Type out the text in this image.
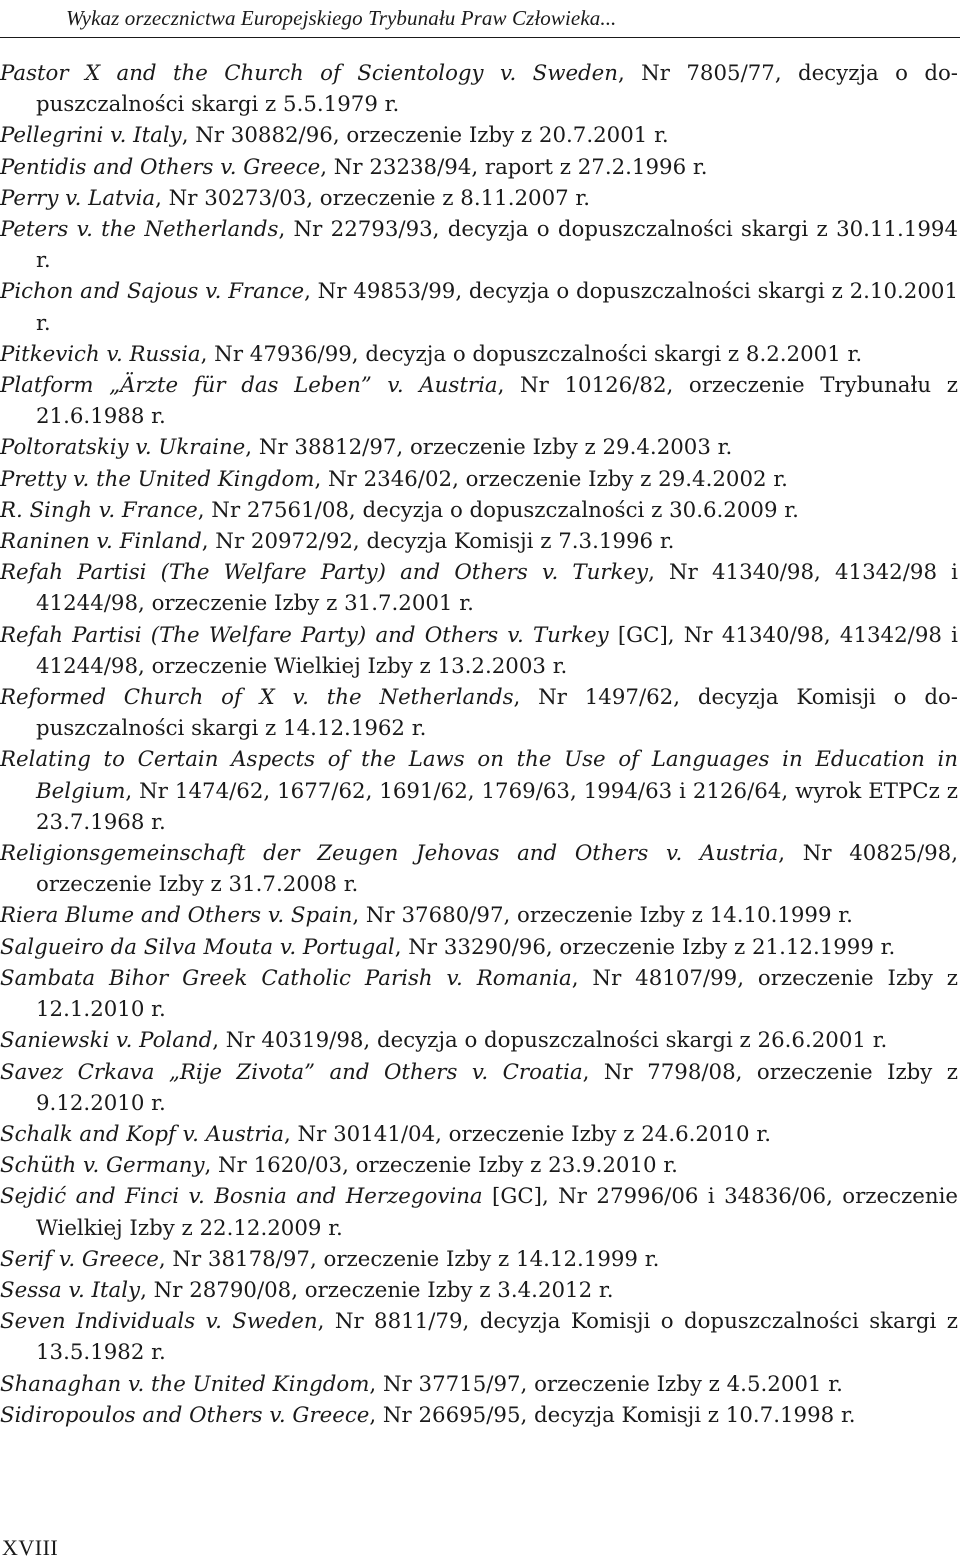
Wykaz orzecznictwa Europejskiego Trybunału Praw Człowieka...
Pastor X and the Church of Scientology v. Sweden, Nr 7805/77, decyzja o dopuszczalności skargi z 5.5.1979 r.
Pellegrini v. Italy, Nr 30882/96, orzeczenie Izby z 20.7.2001 r.
Pentidis and Others v. Greece, Nr 23238/94, raport z 27.2.1996 r.
Perry v. Latvia, Nr 30273/03, orzeczenie z 8.11.2007 r.
Peters v. the Netherlands, Nr 22793/93, decyzja o dopuszczalności skargi z 30.11.1994 r.
Pichon and Sajous v. France, Nr 49853/99, decyzja o dopuszczalności skargi z 2.10.2001 r.
Pitkevich v. Russia, Nr 47936/99, decyzja o dopuszczalności skargi z 8.2.2001 r.
Platform „Ärzte für das Leben” v. Austria, Nr 10126/82, orzeczenie Trybunału z 21.6.1988 r.
Poltoratskiy v. Ukraine, Nr 38812/97, orzeczenie Izby z 29.4.2003 r.
Pretty v. the United Kingdom, Nr 2346/02, orzeczenie Izby z 29.4.2002 r.
R. Singh v. France, Nr 27561/08, decyzja o dopuszczalności z 30.6.2009 r.
Raninen v. Finland, Nr 20972/92, decyzja Komisji z 7.3.1996 r.
Refah Partisi (The Welfare Party) and Others v. Turkey, Nr 41340/98, 41342/98 i 41244/98, orzeczenie Izby z 31.7.2001 r.
Refah Partisi (The Welfare Party) and Others v. Turkey [GC], Nr 41340/98, 41342/98 i 41244/98, orzeczenie Wielkiej Izby z 13.2.2003 r.
Reformed Church of X v. the Netherlands, Nr 1497/62, decyzja Komisji o dopuszczalności skargi z 14.12.1962 r.
Relating to Certain Aspects of the Laws on the Use of Languages in Education in Belgium, Nr 1474/62, 1677/62, 1691/62, 1769/63, 1994/63 i 2126/64, wyrok ETPCz z 23.7.1968 r.
Religionsgemeinschaft der Zeugen Jehovas and Others v. Austria, Nr 40825/98, orzeczenie Izby z 31.7.2008 r.
Riera Blume and Others v. Spain, Nr 37680/97, orzeczenie Izby z 14.10.1999 r.
Salgueiro da Silva Mouta v. Portugal, Nr 33290/96, orzeczenie Izby z 21.12.1999 r.
Sambata Bihor Greek Catholic Parish v. Romania, Nr 48107/99, orzeczenie Izby z 12.1.2010 r.
Saniewski v. Poland, Nr 40319/98, decyzja o dopuszczalności skargi z 26.6.2001 r.
Savez Crkava „Rije Zivota” and Others v. Croatia, Nr 7798/08, orzeczenie Izby z 9.12.2010 r.
Schalk and Kopf v. Austria, Nr 30141/04, orzeczenie Izby z 24.6.2010 r.
Schüth v. Germany, Nr 1620/03, orzeczenie Izby z 23.9.2010 r.
Sejdić and Finci v. Bosnia and Herzegovina [GC], Nr 27996/06 i 34836/06, orzeczenie Wielkiej Izby z 22.12.2009 r.
Serif v. Greece, Nr 38178/97, orzeczenie Izby z 14.12.1999 r.
Sessa v. Italy, Nr 28790/08, orzeczenie Izby z 3.4.2012 r.
Seven Individuals v. Sweden, Nr 8811/79, decyzja Komisji o dopuszczalności skargi z 13.5.1982 r.
Shanaghan v. the United Kingdom, Nr 37715/97, orzeczenie Izby z 4.5.2001 r.
Sidiropoulos and Others v. Greece, Nr 26695/95, decyzja Komisji z 10.7.1998 r.
XVIII
